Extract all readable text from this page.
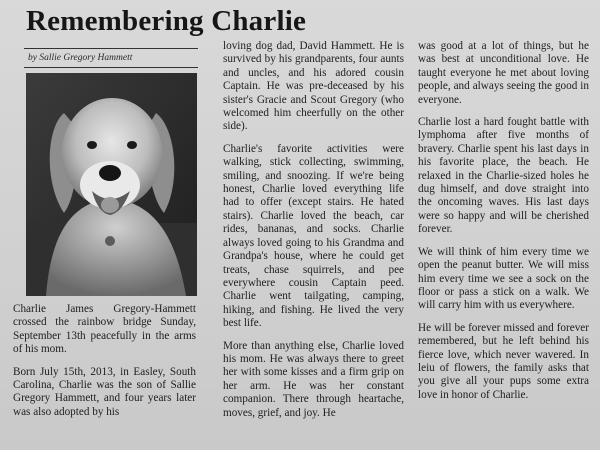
Remembering Charlie
by Sallie Gregory Hammett

Charlie James Gregory-Hammett crossed the rainbow bridge Sunday, September 13th peacefully in the arms of his mom.

Born July 15th, 2013, in Easley, South Carolina, Charlie was the son of Sallie Gregory Hammett, and four years later was also adopted by his

loving dog dad, David Hammett. He is survived by his grandparents, four aunts and uncles, and his adored cousin Captain. He was pre-deceased by his sister's Gracie and Scout Gregory (who welcomed him cheerfully on the other side).

Charlie's favorite activities were walking, stick collecting, swimming, smiling, and snoozing. If we're being honest, Charlie loved everything life had to offer (except stairs. He hated stairs). Charlie loved the beach, car rides, bananas, and socks. Charlie always loved going to his Grandma and Grandpa's house, where he could get treats, chase squirrels, and pee everywhere cousin Captain peed. Charlie went tailgating, camping, hiking, and fishing. He lived the very best life.

More than anything else, Charlie loved his mom. He was always there to greet her with some kisses and a firm grip on her arm. He was her constant companion. There through heartache, moves, grief, and joy. He

was good at a lot of things, but he was best at unconditional love. He taught everyone he met about loving people, and always seeing the good in everyone.

Charlie lost a hard fought battle with lymphoma after five months of bravery. Charlie spent his last days in his favorite place, the beach. He relaxed in the Charlie-sized holes he dug himself, and dove straight into the oncoming waves. His last days were so happy and will be cherished forever.

We will think of him every time we open the peanut butter. We will miss him every time we see a sock on the floor or pass a stick on a walk. We will carry him with us everywhere.

He will be forever missed and forever remembered, but he left behind his fierce love, which never wavered. In leiu of flowers, the family asks that you give all your pups some extra love in honor of Charlie.
